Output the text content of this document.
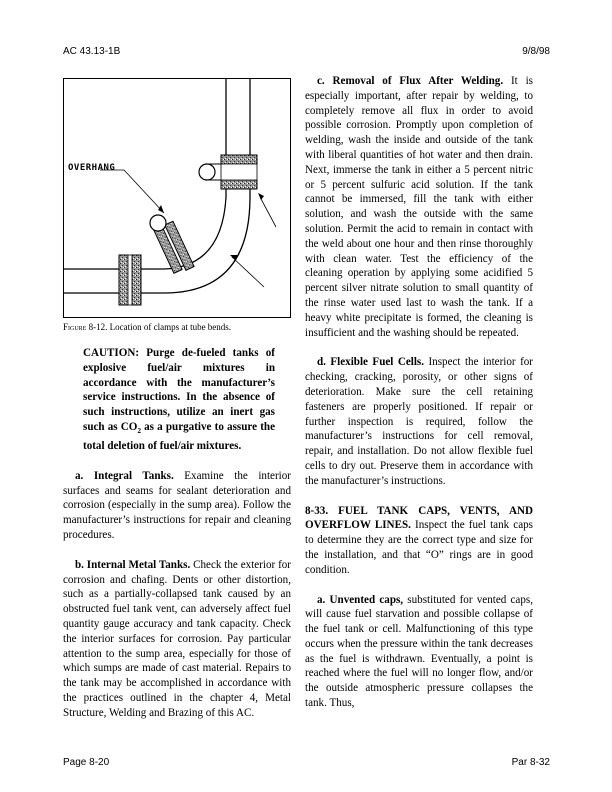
AC 43.13-1B	9/8/98
OVERHANG
Figure 8-12. Location of clamps at tube bends.

CAUTION: Purge de-fueled tanks of explosive fuel/air mixtures in accordance with the manufacturer’s service instructions. In the absence of such instructions, utilize an inert gas such as $CO_2$ as a purgative to assure the total deletion of fuel/air mixtures.

a. Integral Tanks. Examine the interior surfaces and seams for sealant deterioration and corrosion (especially in the sump area). Follow the manufacturer’s instructions for repair and cleaning procedures.

b. Internal Metal Tanks. Check the exterior for corrosion and chafing. Dents or other distortion, such as a partially-collapsed tank caused by an obstructed fuel tank vent, can adversely affect fuel quantity gauge accuracy and tank capacity. Check the interior surfaces for corrosion. Pay particular attention to the sump area, especially for those of which sumps are made of cast material. Repairs to the tank may be accomplished in accordance with the practices outlined in the chapter 4, Metal Structure, Welding and Brazing of this AC.

c. Removal of Flux After Welding. It is especially important, after repair by welding, to completely remove all flux in order to avoid possible corrosion. Promptly upon completion of welding, wash the inside and outside of the tank with liberal quantities of hot water and then drain. Next, immerse the tank in either a 5 percent nitric or 5 percent sulfuric acid solution. If the tank cannot be immersed, fill the tank with either solution, and wash the outside with the same solution. Permit the acid to remain in contact with the weld about one hour and then rinse thoroughly with clean water. Test the efficiency of the cleaning operation by applying some acidified 5 percent silver nitrate solution to small quantity of the rinse water used last to wash the tank. If a heavy white precipitate is formed, the cleaning is insufficient and the washing should be repeated.

d. Flexible Fuel Cells. Inspect the interior for checking, cracking, porosity, or other signs of deterioration. Make sure the cell retaining fasteners are properly positioned. If repair or further inspection is required, follow the manufacturer’s instructions for cell removal, repair, and installation. Do not allow flexible fuel cells to dry out. Preserve them in accordance with the manufacturer’s instructions.

8-33. FUEL TANK CAPS, VENTS, AND OVERFLOW LINES. Inspect the fuel tank caps to determine they are the correct type and size for the installation, and that “O” rings are in good condition.

a. Unvented caps, substituted for vented caps, will cause fuel starvation and possible collapse of the fuel tank or cell. Malfunctioning of this type occurs when the pressure within the tank decreases as the fuel is withdrawn. Eventually, a point is reached where the fuel will no longer flow, and/or the outside atmospheric pressure collapses the tank. Thus,

Page 8-20	Par 8-32
